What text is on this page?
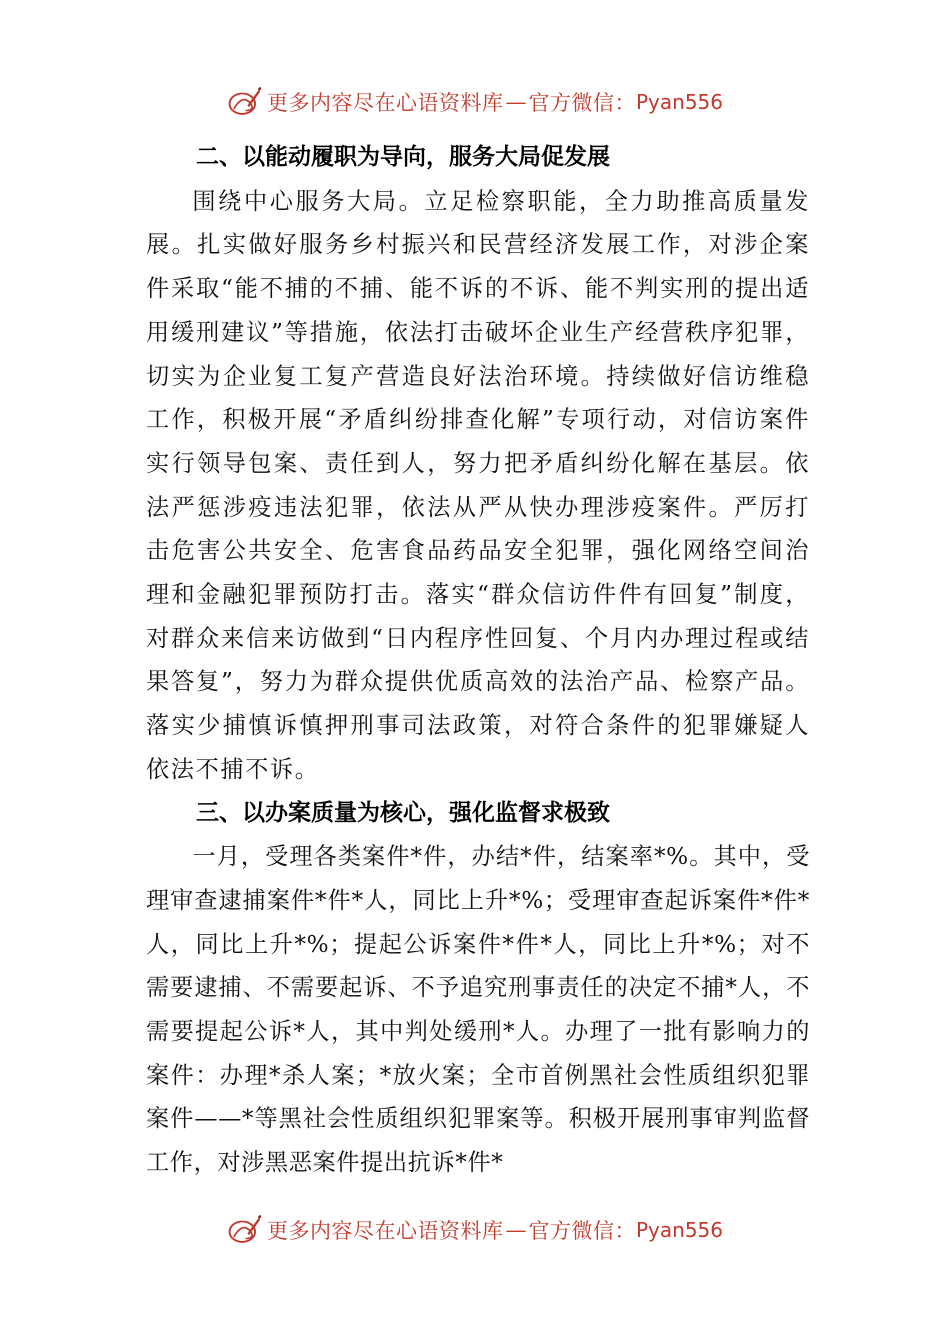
更多内容尽在心语资料库 — 官方微信： Pyan556
二、以能动履职为导向，服务大局促发展

围绕中心服务大局。立足检察职能，全力助推高质量发展。扎实做好服务乡村振兴和民营经济发展工作，对涉企案件采取“能不捕的不捕、能不诉的不诉、能不判实刑的提出适用缓刑建议”等措施，依法打击破坏企业生产经营秩序犯罪，切实为企业复工复产营造良好法治环境。持续做好信访维稳工作，积极开展“矛盾纠纷排查化解”专项行动，对信访案件实行领导包案、责任到人，努力把矛盾纠纷化解在基层。依法严惩涉疫违法犯罪，依法从严从快办理涉疫案件。严厉打击危害公共安全、危害食品药品安全犯罪，强化网络空间治理和金融犯罪预防打击。落实“群众信访件件有回复”制度，对群众来信来访做到“日内程序性回复、个月内办理过程或结果答复”，努力为群众提供优质高效的法治产品、检察产品。落实少捕慎诉慎押刑事司法政策，对符合条件的犯罪嫌疑人依法不捕不诉。

三、以办案质量为核心，强化监督求极致

一月，受理各类案件*件，办结*件，结案率*%。其中，受理审查逮捕案件*件*人，同比上升*%；受理审查起诉案件*件*人，同比上升*%；提起公诉案件*件*人，同比上升*%；对不需要逮捕、不需要起诉、不予追究刑事责任的决定不捕*人，不需要提起公诉*人，其中判处缓刑*人。办理了一批有影响力的案件：办理*杀人案；*放火案；全市首例黑社会性质组织犯罪案件——*等黑社会性质组织犯罪案等。积极开展刑事审判监督工作，对涉黑恶案件提出抗诉*件*

更多内容尽在心语资料库 — 官方微信： Pyan556
